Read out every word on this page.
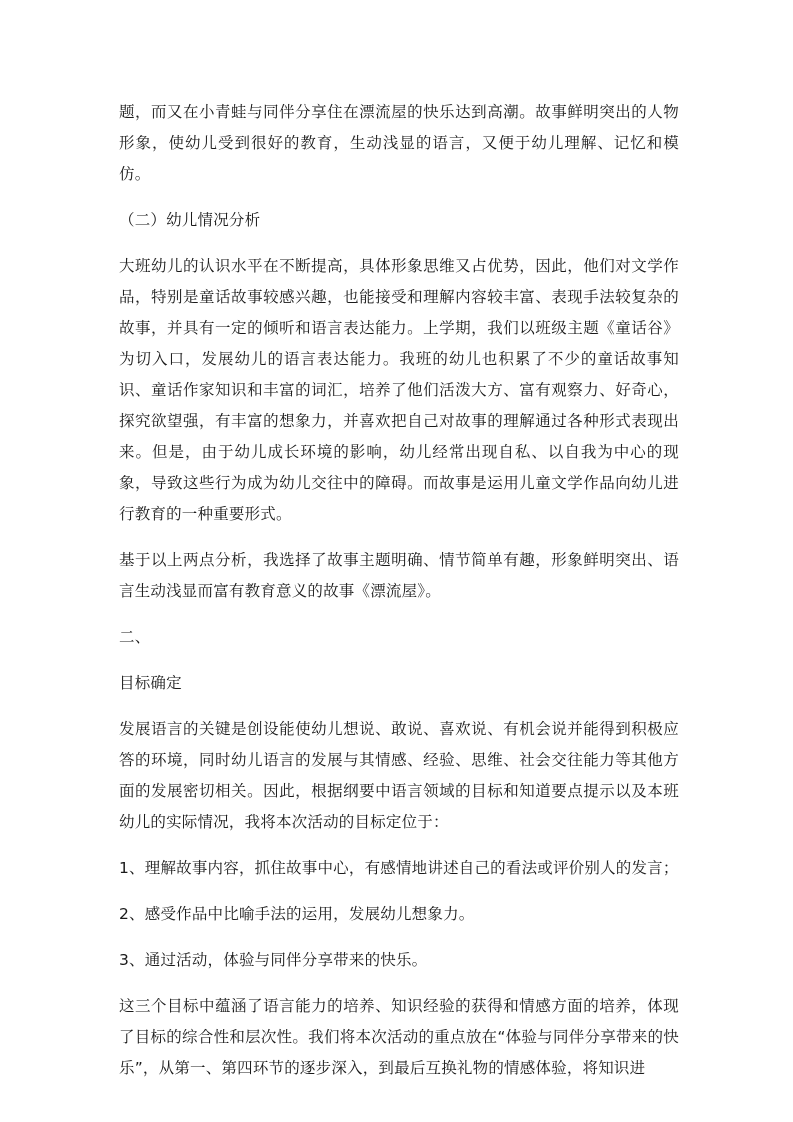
题，而又在小青蛙与同伴分享住在漂流屋的快乐达到高潮。故事鲜明突出的人物形象，使幼儿受到很好的教育，生动浅显的语言，又便于幼儿理解、记忆和模仿。

（二）幼儿情况分析

大班幼儿的认识水平在不断提高，具体形象思维又占优势，因此，他们对文学作品，特别是童话故事较感兴趣，也能接受和理解内容较丰富、表现手法较复杂的故事，并具有一定的倾听和语言表达能力。上学期，我们以班级主题《童话谷》为切入口，发展幼儿的语言表达能力。我班的幼儿也积累了不少的童话故事知识、童话作家知识和丰富的词汇，培养了他们活泼大方、富有观察力、好奇心，探究欲望强，有丰富的想象力，并喜欢把自己对故事的理解通过各种形式表现出来。但是，由于幼儿成长环境的影响，幼儿经常出现自私、以自我为中心的现象，导致这些行为成为幼儿交往中的障碍。而故事是运用儿童文学作品向幼儿进行教育的一种重要形式。

基于以上两点分析，我选择了故事主题明确、情节简单有趣，形象鲜明突出、语言生动浅显而富有教育意义的故事《漂流屋》。

二、

目标确定

发展语言的关键是创设能使幼儿想说、敢说、喜欢说、有机会说并能得到积极应答的环境，同时幼儿语言的发展与其情感、经验、思维、社会交往能力等其他方面的发展密切相关。因此，根据纲要中语言领域的目标和知道要点提示以及本班幼儿的实际情况，我将本次活动的目标定位于：

1、理解故事内容，抓住故事中心，有感情地讲述自己的看法或评价别人的发言；

2、感受作品中比喻手法的运用，发展幼儿想象力。

3、通过活动，体验与同伴分享带来的快乐。

这三个目标中蕴涵了语言能力的培养、知识经验的获得和情感方面的培养，体现了目标的综合性和层次性。我们将本次活动的重点放在“体验与同伴分享带来的快乐”，从第一、第四环节的逐步深入，到最后互换礼物的情感体验，将知识进
